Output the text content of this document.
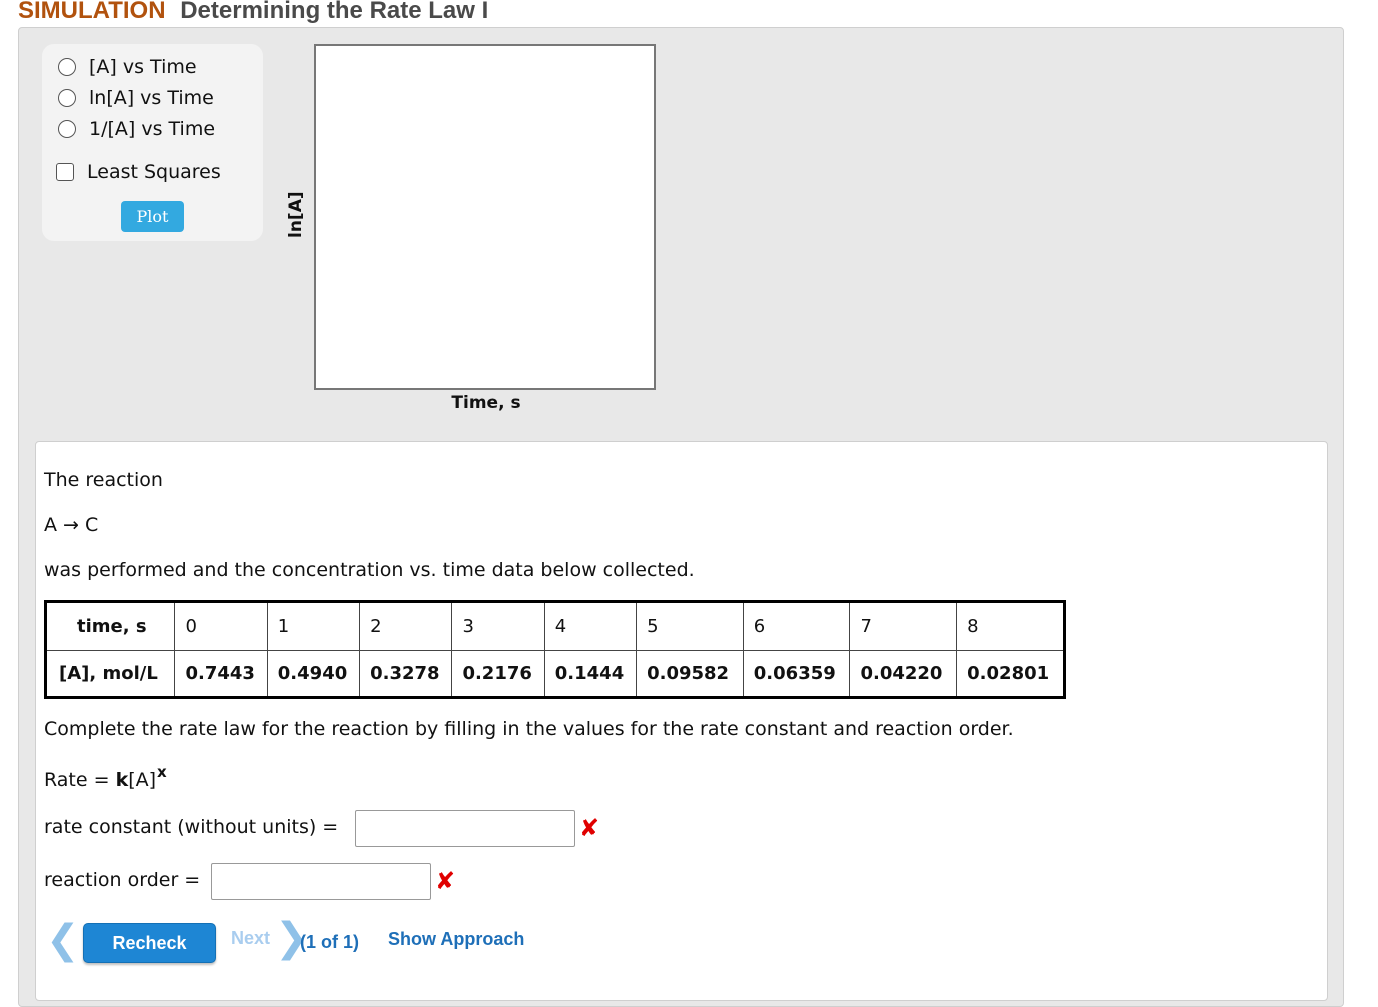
SIMULATION Determining the Rate Law I
[A] vs Time
ln[A] vs Time
1/[A] vs Time
Least Squares
Plot	ln[A]
Time, s
The reaction
A → C
was performed and the concentration vs. time data below collected.
time, s	0	1	2	3	4	5	6	7	8
[A], mol/L	0.7443	0.4940	0.3278	0.2176	0.1444	0.09582	0.06359	0.04220	0.02801
Complete the rate law for the reaction by filling in the values for the rate constant and reaction order.
Rate = $k[A]^x$
rate constant (without units) =	✘
reaction order =	✘
❮	Recheck	Next ❯
(1 of 1) Show Approach
